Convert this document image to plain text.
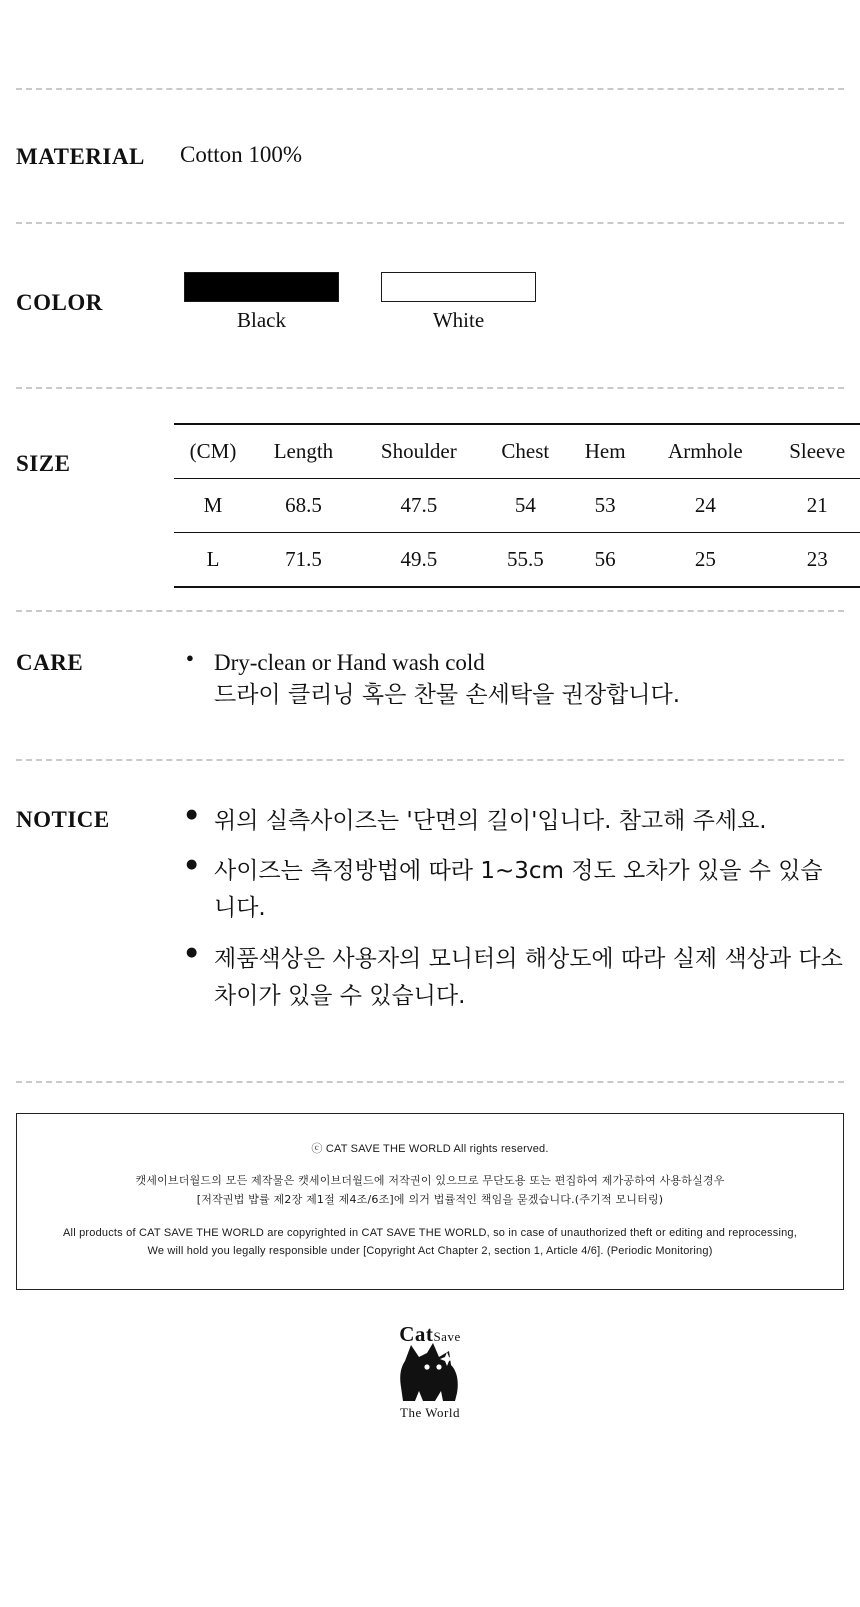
MATERIAL	Cotton 100%
COLOR
Black	White
SIZE	(CM)	Length	Shoulder	Chest	Hem	Armhole	Sleeve
M	68.5	47.5	54	53	24	21
L	71.5	49.5	55.5	56	25	23
CARE	● Dry-clean or Hand wash cold
드라이 클리닝 혹은 찬물 손세탁을 권장합니다.
NOTICE	● 위의 실측사이즈는 '단면의 길이'입니다. 참고해 주세요.
● 사이즈는 측정방법에 따라 1~3cm 정도 오차가 있을 수 있습니다.
● 제품색상은 사용자의 모니터의 해상도에 따라 실제 색상과 다소 차이가 있을 수 있습니다.
ⓒ CAT SAVE THE WORLD All rights reserved.
캣세이브더월드의 모든 제작물은 캣세이브더월드에 저작권이 있으므로 무단도용 또는 편집하여 제가공하여 사용하실경우
[저작권법 뱝률 제2장 제1절 제4조/6조]에 의거 법률적인 책임을 묻겠습니다.(주기적 모니터링)
All products of CAT SAVE THE WORLD are copyrighted in CAT SAVE THE WORLD, so in case of unauthorized theft or editing and reprocessing,
We will hold you legally responsible under [Copyright Act Chapter 2, section 1, Article 4/6]. (Periodic Monitoring)
CatSave
The World
